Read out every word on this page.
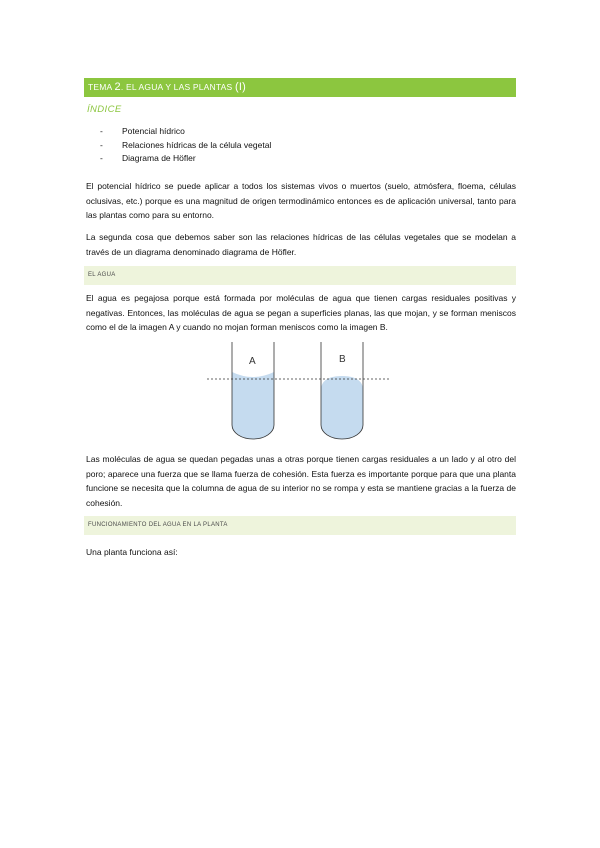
TEMA 2. EL AGUA Y LAS PLANTAS (I)
ÍNDICE
- Potencial hídrico
- Relaciones hídricas de la célula vegetal
- Diagrama de Höfler

El potencial hídrico se puede aplicar a todos los sistemas vivos o muertos (suelo, atmósfera, floema, células oclusivas, etc.) porque es una magnitud de origen termodinámico entonces es de aplicación universal, tanto para las plantas como para su entorno.

La segunda cosa que debemos saber son las relaciones hídricas de las células vegetales que se modelan a través de un diagrama denominado diagrama de Höfler.

EL AGUA

El agua es pegajosa porque está formada por moléculas de agua que tienen cargas residuales positivas y negativas. Entonces, las moléculas de agua se pegan a superficies planas, las que mojan, y se forman meniscos como el de la imagen A y cuando no mojan forman meniscos como la imagen B.

A	B

Las moléculas de agua se quedan pegadas unas a otras porque tienen cargas residuales a un lado y al otro del poro; aparece una fuerza que se llama fuerza de cohesión. Esta fuerza es importante porque para que una planta funcione se necesita que la columna de agua de su interior no se rompa y esta se mantiene gracias a la fuerza de cohesión.

FUNCIONAMIENTO DEL AGUA EN LA PLANTA

Una planta funciona así:
